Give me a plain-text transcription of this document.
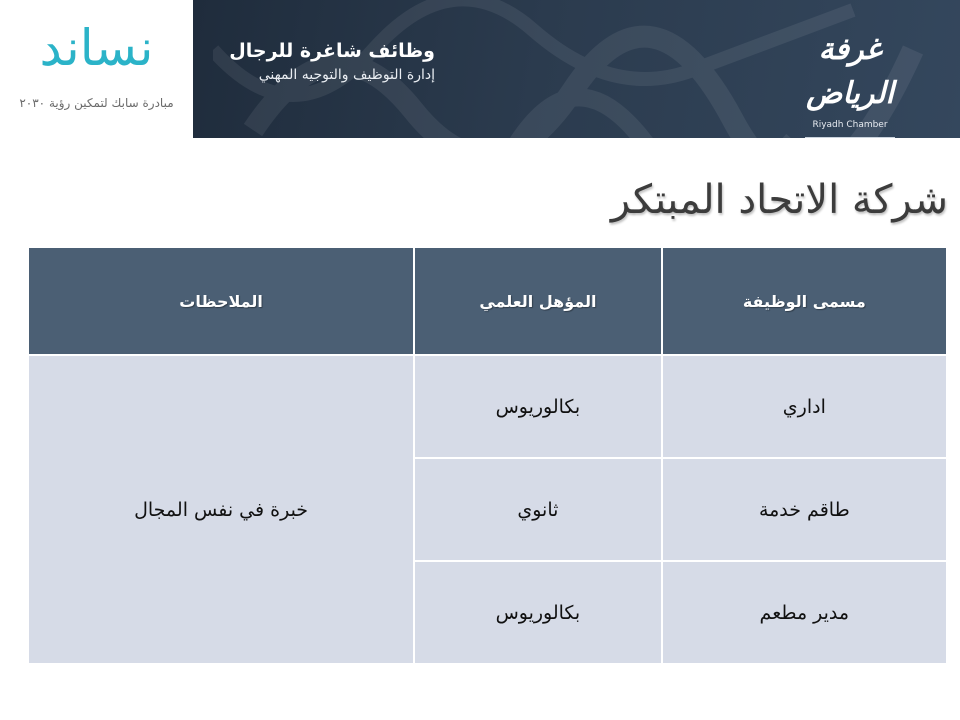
نساند
مبادرة سابك لتمكين رؤية ٢٠٣٠
وظائف شاغرة للرجال
إدارة التوظيف والتوجيه المهني
غرفة الرياض
Riyadh Chamber
شركة الاتحاد المبتكر
مسمى الوظيفة	المؤهل العلمي	الملاحظات
اداري	بكالوريوس	خبرة في نفس المجال
طاقم خدمة	ثانوي	
مدير مطعم	بكالوريوس	
